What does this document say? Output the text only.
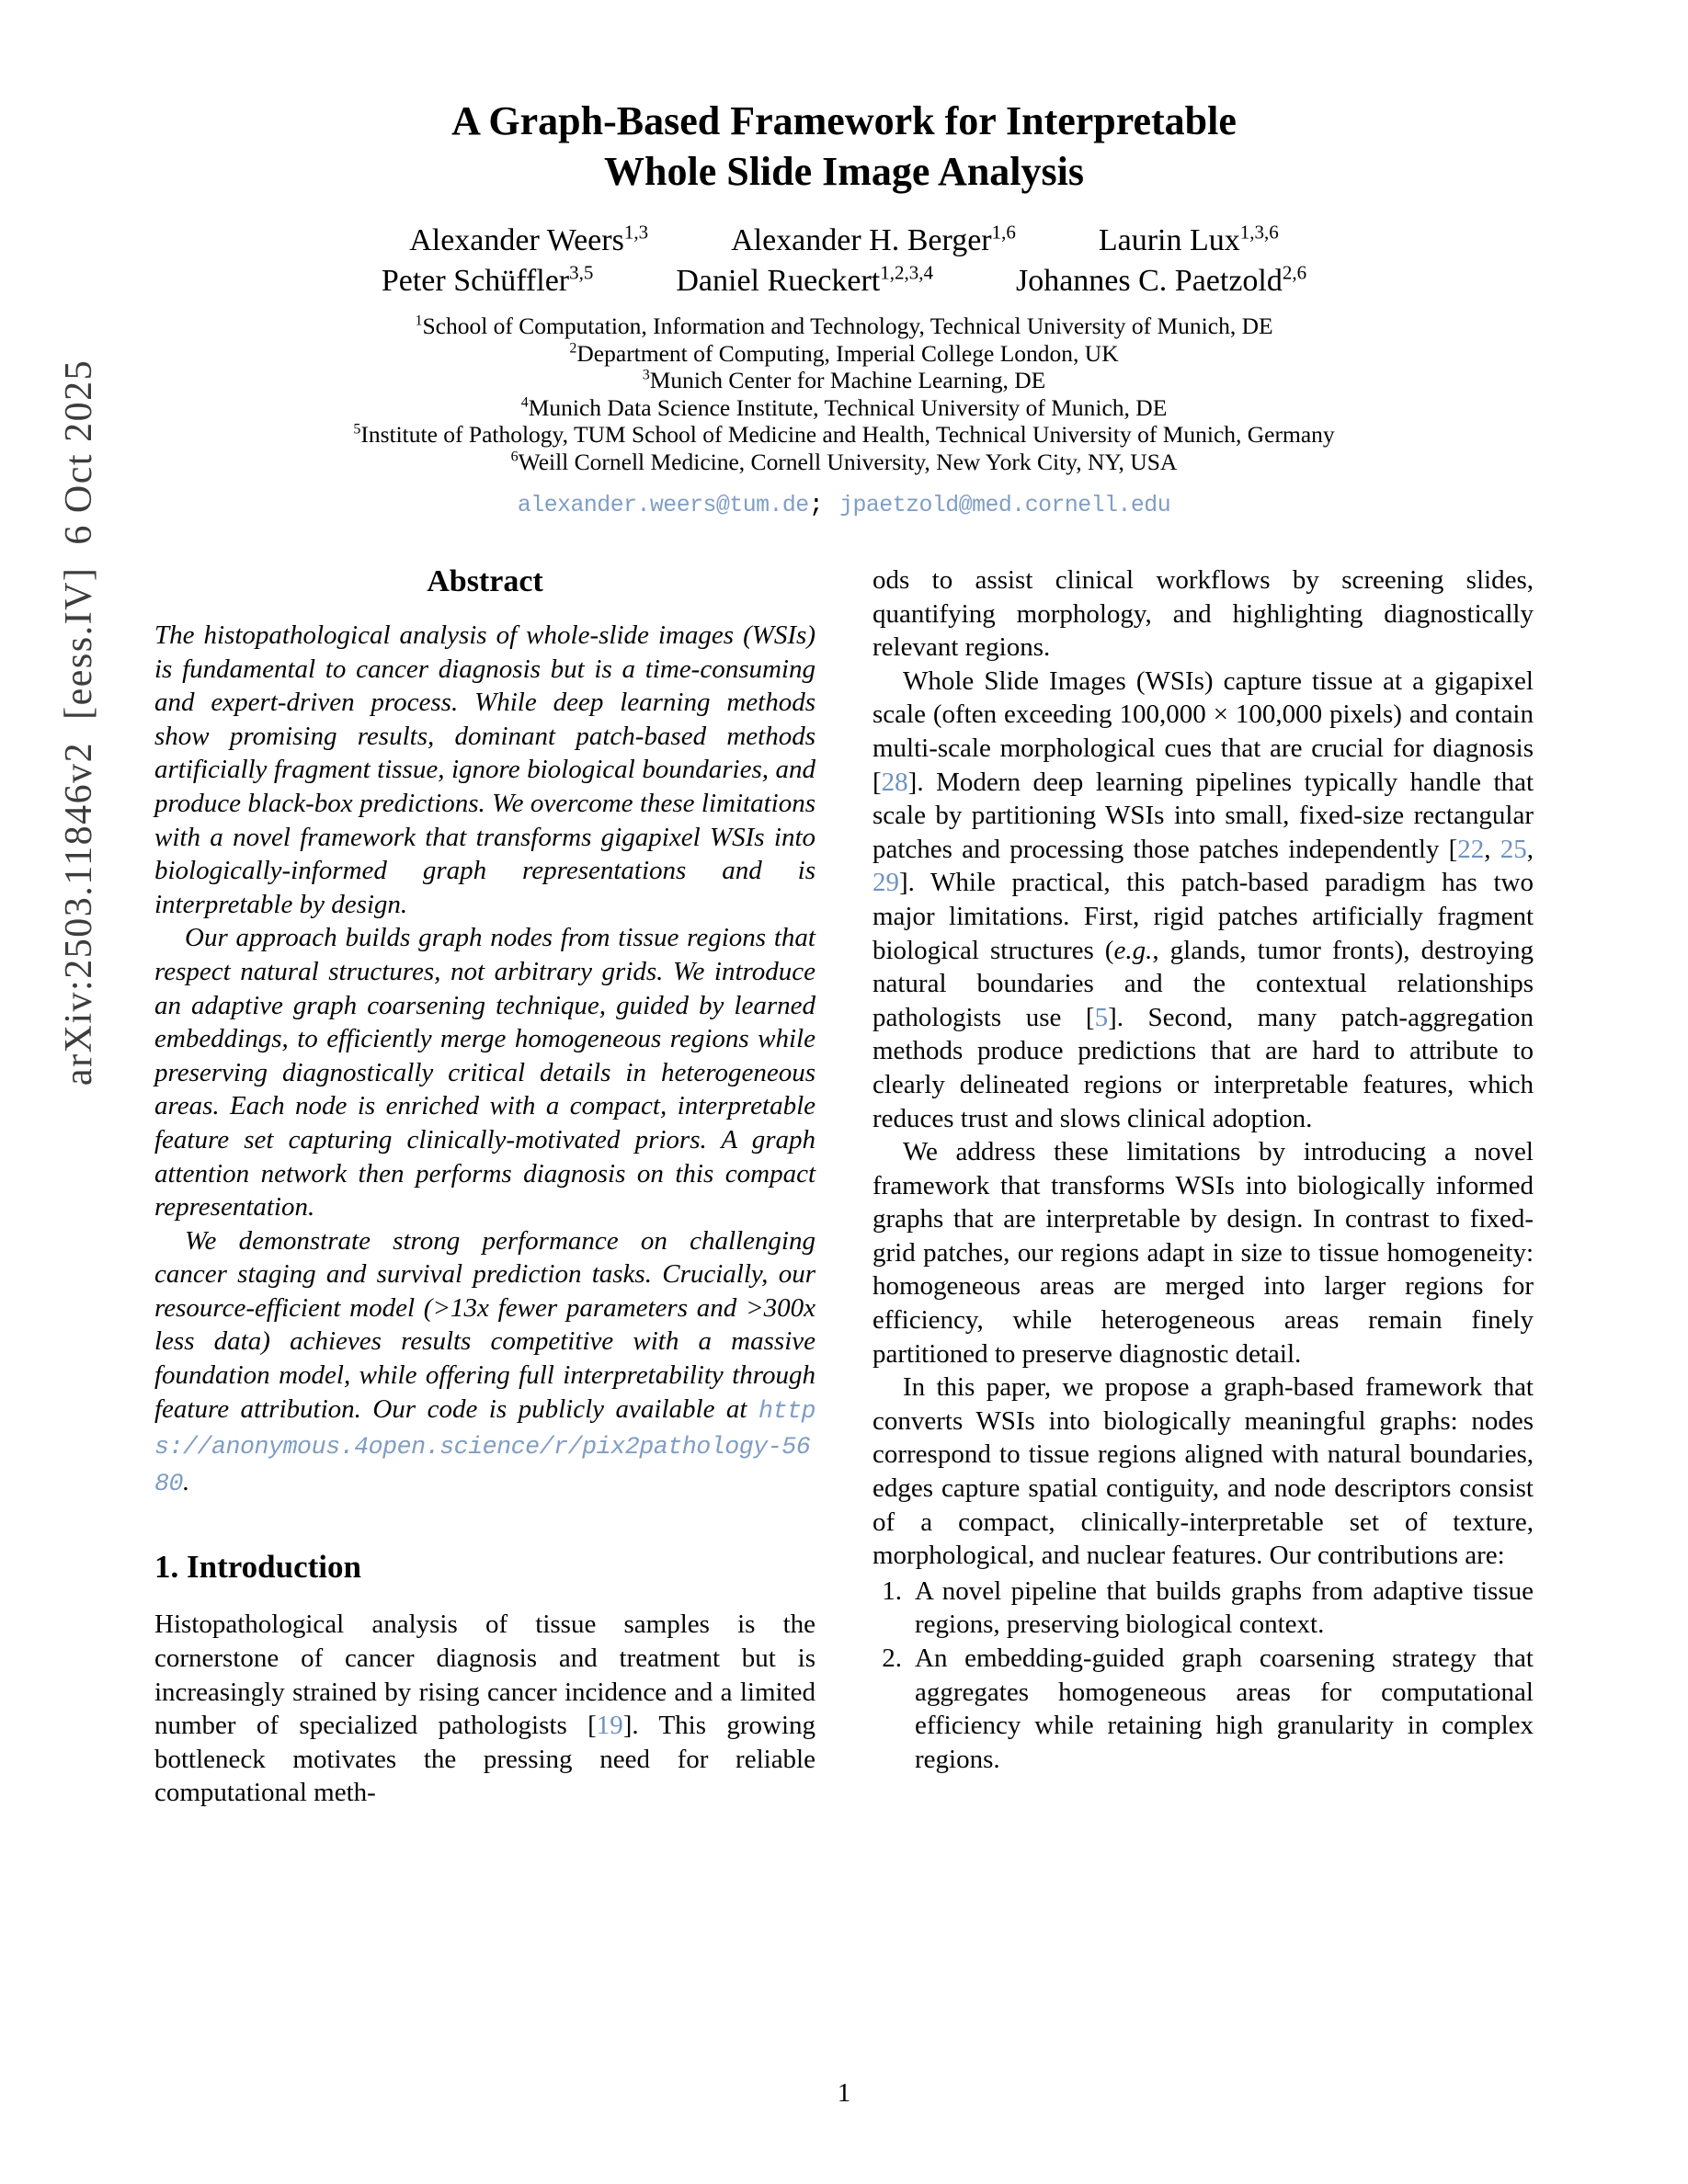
arXiv:2503.11846v2  [eess.IV]  6 Oct 2025
A Graph-Based Framework for Interpretable
Whole Slide Image Analysis
Alexander Weers$^{1,3}$	Alexander H. Berger$^{1,6}$	Laurin Lux$^{1,3,6}$
Peter Schüffler$^{3,5}$	Daniel Rueckert$^{1,2,3,4}$	Johannes C. Paetzold$^{2,6}$
$^1$School of Computation, Information and Technology, Technical University of Munich, DE
$^2$Department of Computing, Imperial College London, UK
$^3$Munich Center for Machine Learning, DE
$^4$Munich Data Science Institute, Technical University of Munich, DE
$^5$Institute of Pathology, TUM School of Medicine and Health, Technical University of Munich, Germany
$^6$Weill Cornell Medicine, Cornell University, New York City, NY, USA
alexander.weers@tum.de; jpaetzold@med.cornell.edu
Abstract

The histopathological analysis of whole-slide images (WSIs) is fundamental to cancer diagnosis but is a time-consuming and expert-driven process. While deep learning methods show promising results, dominant patch-based methods artificially fragment tissue, ignore biological boundaries, and produce black-box predictions. We overcome these limitations with a novel framework that transforms gigapixel WSIs into biologically-informed graph representations and is interpretable by design.

Our approach builds graph nodes from tissue regions that respect natural structures, not arbitrary grids. We introduce an adaptive graph coarsening technique, guided by learned embeddings, to efficiently merge homogeneous regions while preserving diagnostically critical details in heterogeneous areas. Each node is enriched with a compact, interpretable feature set capturing clinically-motivated priors. A graph attention network then performs diagnosis on this compact representation.

We demonstrate strong performance on challenging cancer staging and survival prediction tasks. Crucially, our resource-efficient model (>13x fewer parameters and >300x less data) achieves results competitive with a massive foundation model, while offering full interpretability through feature attribution. Our code is publicly available at https://anonymous.4open.science/r/pix2pathology-5680.

1. Introduction

Histopathological analysis of tissue samples is the cornerstone of cancer diagnosis and treatment but is increasingly strained by rising cancer incidence and a limited number of specialized pathologists [19]. This growing bottleneck motivates the pressing need for reliable computational meth-

ods to assist clinical workflows by screening slides, quantifying morphology, and highlighting diagnostically relevant regions.

Whole Slide Images (WSIs) capture tissue at a gigapixel scale (often exceeding 100,000 × 100,000 pixels) and contain multi-scale morphological cues that are crucial for diagnosis [28]. Modern deep learning pipelines typically handle that scale by partitioning WSIs into small, fixed-size rectangular patches and processing those patches independently [22, 25, 29]. While practical, this patch-based paradigm has two major limitations. First, rigid patches artificially fragment biological structures (e.g., glands, tumor fronts), destroying natural boundaries and the contextual relationships pathologists use [5]. Second, many patch-aggregation methods produce predictions that are hard to attribute to clearly delineated regions or interpretable features, which reduces trust and slows clinical adoption.

We address these limitations by introducing a novel framework that transforms WSIs into biologically informed graphs that are interpretable by design. In contrast to fixed-grid patches, our regions adapt in size to tissue homogeneity: homogeneous areas are merged into larger regions for efficiency, while heterogeneous areas remain finely partitioned to preserve diagnostic detail.

In this paper, we propose a graph-based framework that converts WSIs into biologically meaningful graphs: nodes correspond to tissue regions aligned with natural boundaries, edges capture spatial contiguity, and node descriptors consist of a compact, clinically-interpretable set of texture, morphological, and nuclear features. Our contributions are:

1. A novel pipeline that builds graphs from adaptive tissue regions, preserving biological context.
2. An embedding-guided graph coarsening strategy that aggregates homogeneous areas for computational efficiency while retaining high granularity in complex regions.
1
